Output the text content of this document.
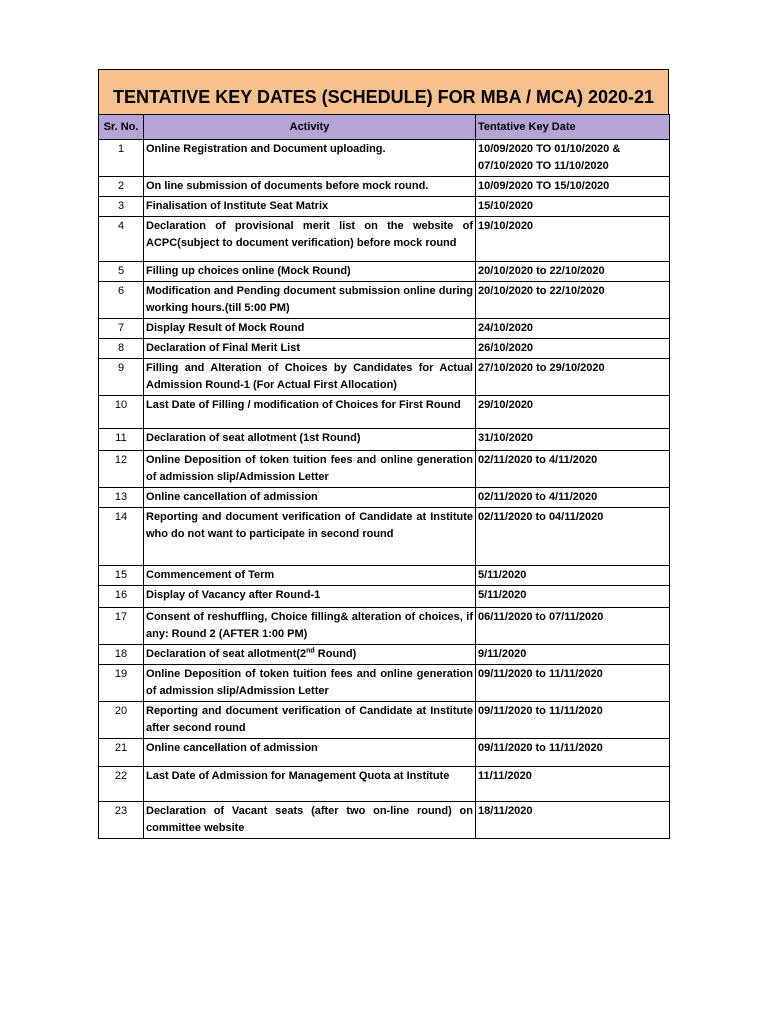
TENTATIVE KEY DATES (SCHEDULE) FOR MBA / MCA) 2020-21
Sr. No.	Activity	Tentative Key Date
1	Online Registration and Document uploading.	10/09/2020 TO 01/10/2020 & 07/10/2020 TO 11/10/2020
2	On line submission of documents before mock round.	10/09/2020 TO 15/10/2020
3	Finalisation of Institute Seat Matrix	15/10/2020
4	Declaration of provisional merit list on the website of ACPC(subject to document verification) before mock round	19/10/2020
5	Filling up choices online (Mock Round)	20/10/2020 to 22/10/2020
6	Modification and Pending document submission online during working hours.(till 5:00 PM)	20/10/2020 to 22/10/2020
7	Display Result of Mock Round	24/10/2020
8	Declaration of Final Merit List	26/10/2020
9	Filling and Alteration of Choices by Candidates for Actual Admission Round-1 (For Actual First Allocation)	27/10/2020 to 29/10/2020
10	Last Date of Filling / modification of Choices for First Round	29/10/2020
11	Declaration of seat allotment (1st Round)	31/10/2020
12	Online Deposition of token tuition fees and online generation of admission slip/Admission Letter	02/11/2020 to 4/11/2020
13	Online cancellation of admission	02/11/2020 to 4/11/2020
14	Reporting and document verification of Candidate at Institute who do not want to participate in second round	02/11/2020 to 04/11/2020
15	Commencement of Term	5/11/2020
16	Display of Vacancy after Round-1	5/11/2020
17	Consent of reshuffling, Choice filling& alteration of choices, if any: Round 2 (AFTER 1:00 PM)	06/11/2020 to 07/11/2020
18	Declaration of seat allotment(2nd Round)	9/11/2020
19	Online Deposition of token tuition fees and online generation of admission slip/Admission Letter	09/11/2020 to 11/11/2020
20	Reporting and document verification of Candidate at Institute after second round	09/11/2020 to 11/11/2020
21	Online cancellation of admission	09/11/2020 to 11/11/2020
22	Last Date of Admission for Management Quota at Institute	11/11/2020
23	Declaration of Vacant seats (after two on-line round) on committee website	18/11/2020
